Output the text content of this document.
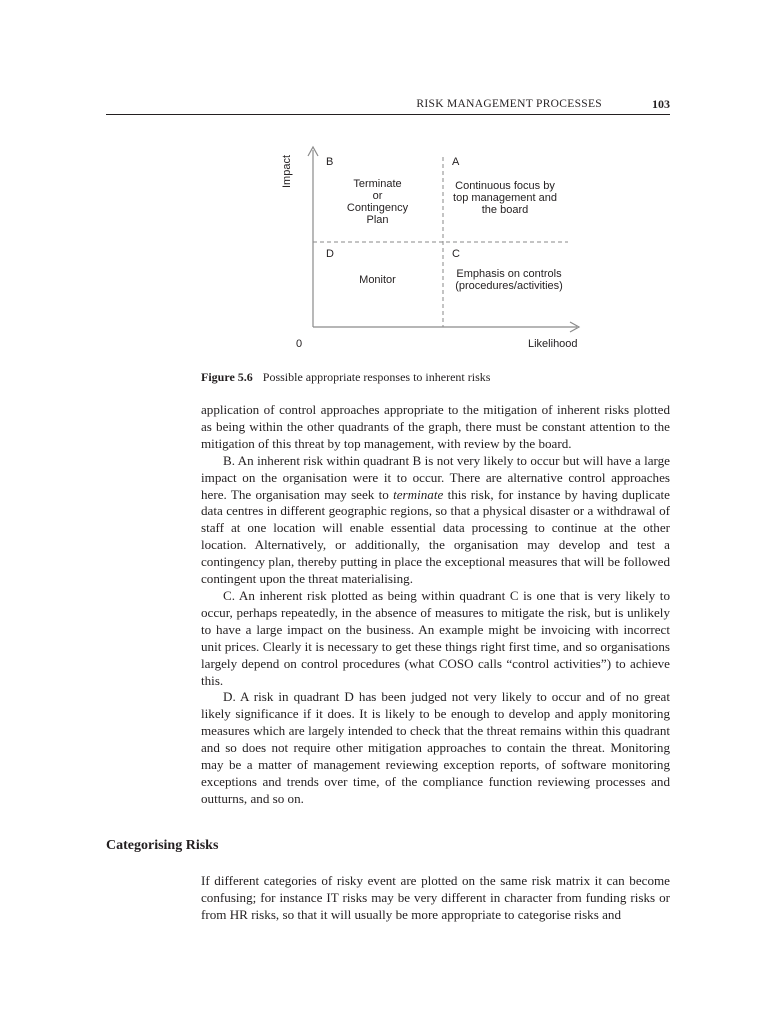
RISK MANAGEMENT PROCESSES	103
Impact
0	Likelihood
B
Terminate
or
Contingency
Plan
A
Continuous focus by
top management and
the board
D
Monitor
C
Emphasis on controls
(procedures/activities)
Figure 5.6 Possible appropriate responses to inherent risks

application of control approaches appropriate to the mitigation of inherent risks plotted as being within the other quadrants of the graph, there must be constant attention to the mitigation of this threat by top management, with review by the board.

B. An inherent risk within quadrant B is not very likely to occur but will have a large impact on the organisation were it to occur. There are alternative control approaches here. The organisation may seek to terminate this risk, for instance by having duplicate data centres in different geographic regions, so that a physical disaster or a withdrawal of staff at one location will enable essential data processing to continue at the other location. Alternatively, or additionally, the organisation may develop and test a contingency plan, thereby putting in place the exceptional measures that will be followed contingent upon the threat materialising.

C. An inherent risk plotted as being within quadrant C is one that is very likely to occur, perhaps repeatedly, in the absence of measures to mitigate the risk, but is unlikely to have a large impact on the business. An example might be invoicing with incorrect unit prices. Clearly it is necessary to get these things right first time, and so organisations largely depend on control procedures (what COSO calls “control activities”) to achieve this.

D. A risk in quadrant D has been judged not very likely to occur and of no great likely significance if it does. It is likely to be enough to develop and apply monitoring measures which are largely intended to check that the threat remains within this quadrant and so does not require other mitigation approaches to contain the threat. Monitoring may be a matter of management reviewing exception reports, of software monitoring exceptions and trends over time, of the compliance function reviewing processes and outturns, and so on.

Categorising Risks

If different categories of risky event are plotted on the same risk matrix it can become confusing; for instance IT risks may be very different in character from funding risks or from HR risks, so that it will usually be more appropriate to categorise risks and
